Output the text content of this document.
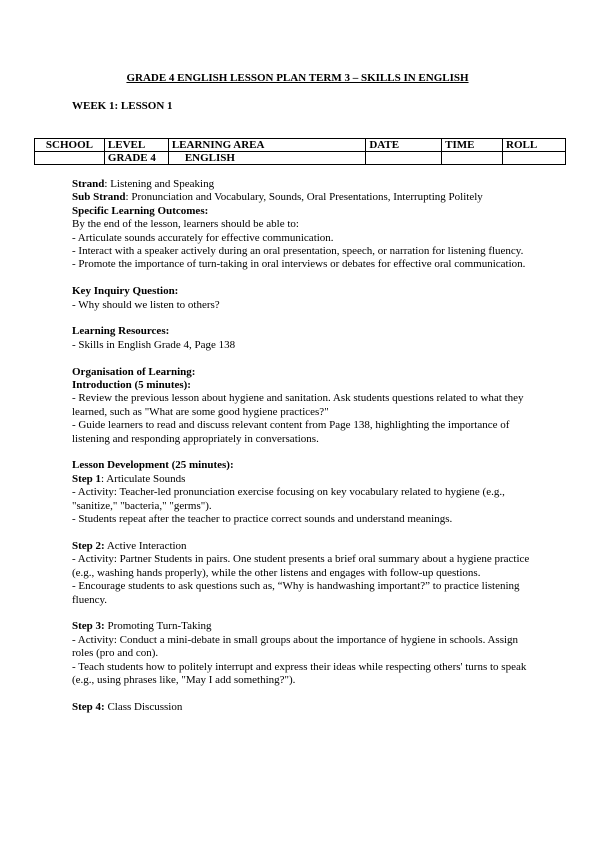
GRADE 4 ENGLISH LESSON PLAN TERM 3 – SKILLS IN ENGLISH
WEEK 1: LESSON 1
SCHOOL	LEVEL	LEARNING AREA	DATE	TIME	ROLL
	GRADE 4	ENGLISH			

Strand: Listening and Speaking

Sub Strand: Pronunciation and Vocabulary, Sounds, Oral Presentations, Interrupting Politely

Specific Learning Outcomes:

By the end of the lesson, learners should be able to:

- Articulate sounds accurately for effective communication.

- Interact with a speaker actively during an oral presentation, speech, or narration for listening fluency.

- Promote the importance of turn-taking in oral interviews or debates for effective oral communication.

Key Inquiry Question:

- Why should we listen to others?

Learning Resources:

- Skills in English Grade 4, Page 138

Organisation of Learning:

Introduction (5 minutes):

- Review the previous lesson about hygiene and sanitation. Ask students questions related to what they learned, such as "What are some good hygiene practices?"

- Guide learners to read and discuss relevant content from Page 138, highlighting the importance of listening and responding appropriately in conversations.

Lesson Development (25 minutes):

Step 1: Articulate Sounds

- Activity: Teacher-led pronunciation exercise focusing on key vocabulary related to hygiene (e.g., "sanitize," "bacteria," "germs").

- Students repeat after the teacher to practice correct sounds and understand meanings.

Step 2: Active Interaction

- Activity: Partner Students in pairs. One student presents a brief oral summary about a hygiene practice (e.g., washing hands properly), while the other listens and engages with follow-up questions.

- Encourage students to ask questions such as, “Why is handwashing important?” to practice listening fluency.

Step 3: Promoting Turn-Taking

- Activity: Conduct a mini-debate in small groups about the importance of hygiene in schools. Assign roles (pro and con).

- Teach students how to politely interrupt and express their ideas while respecting others' turns to speak (e.g., using phrases like, "May I add something?").

Step 4: Class Discussion
